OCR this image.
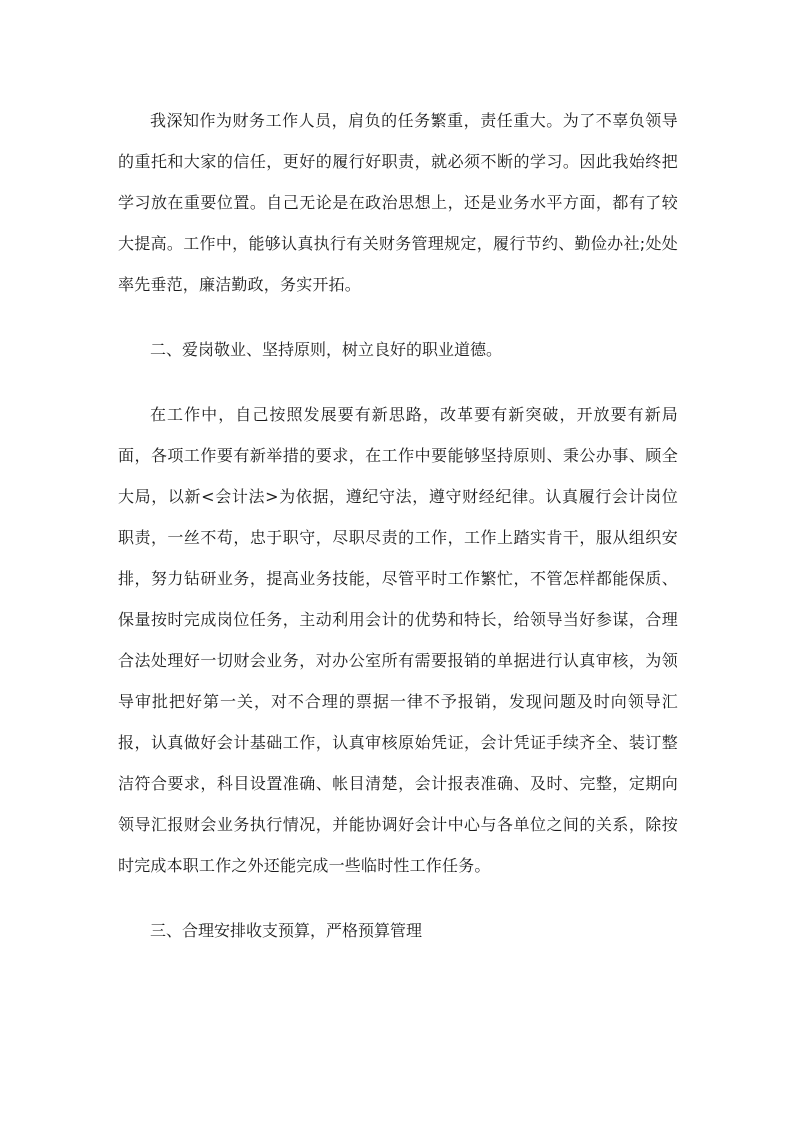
我深知作为财务工作人员，肩负的任务繁重，责任重大。为了不辜负领导的重托和大家的信任，更好的履行好职责，就必须不断的学习。因此我始终把学习放在重要位置。自己无论是在政治思想上，还是业务水平方面，都有了较大提高。工作中，能够认真执行有关财务管理规定，履行节约、勤俭办社;处处率先垂范，廉洁勤政，务实开拓。

二、爱岗敬业、坚持原则，树立良好的职业道德。

在工作中，自己按照发展要有新思路，改革要有新突破，开放要有新局面，各项工作要有新举措的要求，在工作中要能够坚持原则、秉公办事、顾全大局，以新<会计法>为依据，遵纪守法，遵守财经纪律。认真履行会计岗位职责，一丝不苟，忠于职守，尽职尽责的工作，工作上踏实肯干，服从组织安排，努力钻研业务，提高业务技能，尽管平时工作繁忙，不管怎样都能保质、保量按时完成岗位任务，主动利用会计的优势和特长，给领导当好参谋，合理合法处理好一切财会业务，对办公室所有需要报销的单据进行认真审核，为领导审批把好第一关，对不合理的票据一律不予报销，发现问题及时向领导汇报，认真做好会计基础工作，认真审核原始凭证，会计凭证手续齐全、装订整洁符合要求，科目设置准确、帐目清楚，会计报表准确、及时、完整，定期向领导汇报财会业务执行情况，并能协调好会计中心与各单位之间的关系，除按时完成本职工作之外还能完成一些临时性工作任务。

三、合理安排收支预算，严格预算管理
